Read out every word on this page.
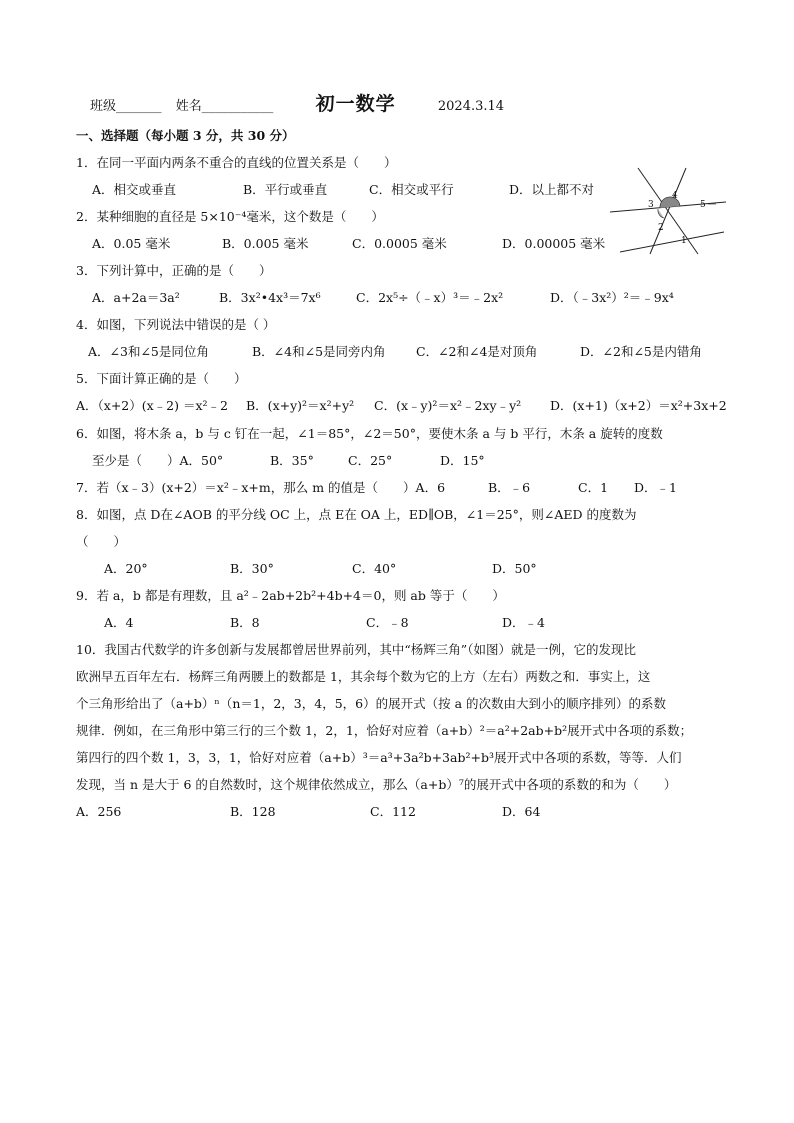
班级_______ 姓名___________ 初一数学	2024.3.14
一、选择题（每小题 3 分，共 30 分）
1．在同一平面内两条不重合的直线的位置关系是（　　）
A．相交或垂直	B．平行或垂直	C．相交或平行	D．以上都不对
2．某种细胞的直径是 5×10⁻⁴毫米，这个数是（　　）
A．0.05 毫米	B．0.005 毫米	C．0.0005 毫米	D．0.00005 毫米
3
4
5
2
1
3．下列计算中，正确的是（　　）
A．a+2a＝3a²	B．3x²•4x³＝7x⁶	C．2x⁵÷（﹣x）³＝﹣2x²	D．（﹣3x²）²＝﹣9x⁴
4．如图，下列说法中错误的是（ ）
A．∠3和∠5是同位角	B．∠4和∠5是同旁内角 C．∠2和∠4是对顶角	D．∠2和∠5是内错角
5．下面计算正确的是（　　）
A．（x+2）(x﹣2) ＝x²﹣2 B．(x+y)²＝x²+y² C．(x﹣y)²＝x²﹣2xy﹣y² D．(x+1)（x+2）＝x²+3x+2
6．如图，将木条 a，b 与 c 钉在一起，∠1＝85°，∠2＝50°，要使木条 a 与 b 平行，木条 a 旋转的度数
至少是（　　）A．50°	B．35°	C．25°	D．15°
7．若（x﹣3）(x+2）＝x²﹣x+m，那么 m 的值是（　　）A．6	B．﹣6	C．1 D．﹣1
8．如图，点 D在∠AOB 的平分线 OC 上，点 E在 OA 上，ED∥OB，∠1＝25°，则∠AED 的度数为
（　　）
A．20°	B．30°	C．40°	D．50°
9．若 a，b 都是有理数，且 a²﹣2ab+2b²+4b+4＝0，则 ab 等于（　　）
A．4	B．8	C．﹣8	D．﹣4
10．我国古代数学的许多创新与发展都曾居世界前列，其中“杨辉三角”（如图）就是一例，它的发现比
欧洲早五百年左右．杨辉三角两腰上的数都是 1，其余每个数为它的上方（左右）两数之和．事实上，这
个三角形给出了（a+b）ⁿ（n＝1，2，3，4，5，6）的展开式（按 a 的次数由大到小的顺序排列）的系数
规律．例如，在三角形中第三行的三个数 1，2，1，恰好对应着（a+b）²＝a²+2ab+b²展开式中各项的系数；
第四行的四个数 1，3，3，1，恰好对应着（a+b）³＝a³+3a²b+3ab²+b³展开式中各项的系数，等等．人们
发现，当 n 是大于 6 的自然数时，这个规律依然成立，那么（a+b）⁷的展开式中各项的系数的和为（　　）
A．256	B．128	C．112	D．64
